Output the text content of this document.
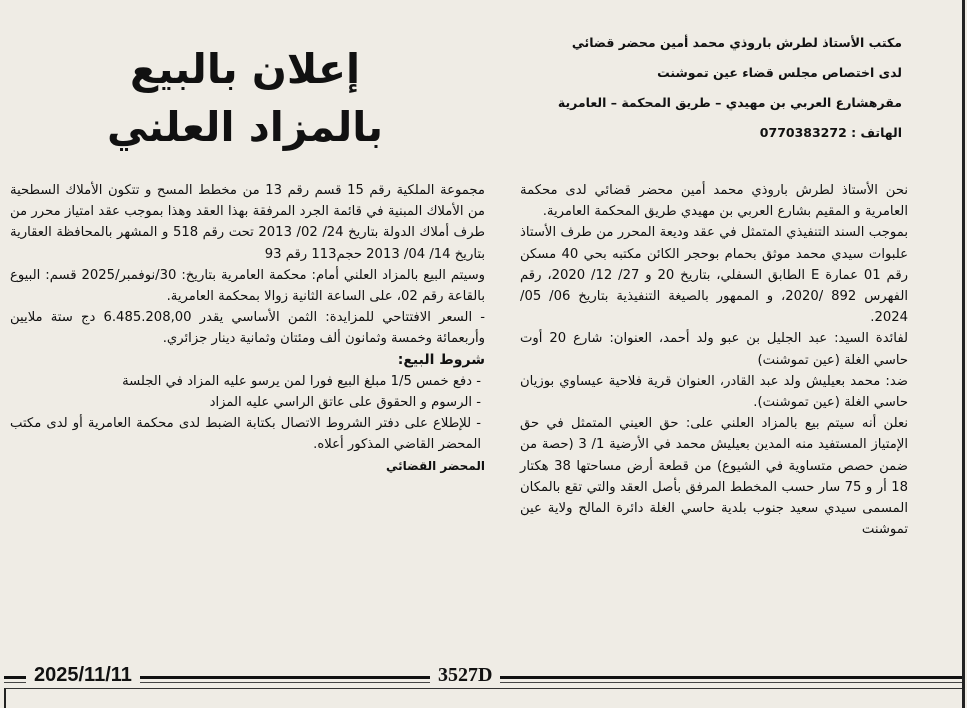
مكتب الأستاذ لطرش باروذي محمد أمين محضر قضائي
لدى اختصاص مجلس قضاء عين تموشنت
مقرهشارع العربي بن مهيدي – طريق المحكمة – العامرية
الهاتف : 0770383272
إعلان بالبيع
بالمزاد العلني

نحن الأستاذ لطرش باروذي محمد أمين محضر قضائي لدى محكمة العامرية و المقيم بشارع العربي بن مهيدي طريق المحكمة العامرية.

بموجب السند التنفيذي المتمثل في عقد وديعة المحرر من طرف الأستاذ علبوات سيدي محمد موثق بحمام بوحجر الكائن مكتبه بحي 40 مسكن رقم 01 عمارة E الطابق السفلي، بتاريخ 20 و 27/ 12/ 2020، رقم الفهرس 892 /2020، و الممهور بالصيغة التنفيذية بتاريخ 06/ 05/ 2024.

لفائدة السيد: عبد الجليل بن عبو ولد أحمد، العنوان: شارع 20 أوت حاسي الغلة (عين تموشنت)

ضد: محمد بعيليش ولد عبد القادر، العنوان قرية فلاحية عيساوي بوزيان حاسي الغلة (عين تموشنت).

نعلن أنه سيتم بيع بالمزاد العلني على: حق العيني المتمثل في حق الإمتياز المستفيد منه المدين بعيليش محمد في الأرضية 1/ 3 (حصة من ضمن حصص متساوية في الشيوع) من قطعة أرض مساحتها 38 هكتار 18 أر و 75 سار حسب المخطط المرفق بأصل العقد والتي تقع بالمكان المسمى سيدي سعيد جنوب بلدية حاسي الغلة دائرة المالح ولاية عين تموشنت

مجموعة الملكية رقم 15 قسم رقم 13 من مخطط المسح و تتكون الأملاك السطحية من الأملاك المبنية في قائمة الجرد المرفقة بهذا العقد وهذا بموجب عقد امتياز محرر من طرف أملاك الدولة بتاريخ 24/ 02/ 2013 تحت رقم 518 و المشهر بالمحافظة العقارية بتاريخ 14/ 04/ 2013 حجم113 رقم 93

وسيتم البيع بالمزاد العلني أمام: محكمة العامرية بتاريخ: 30/نوفمبر/2025 قسم: البيوع بالقاعة رقم 02، على الساعة الثانية زوالا بمحكمة العامرية.

- السعر الافتتاحي للمزايدة: الثمن الأساسي يقدر 6.485.208,00 دج ستة ملايين وأربعمائة وخمسة وثمانون ألف ومئتان وثمانية دينار جزائري.

شروط البيع:

- دفع خمس 1/5 مبلغ البيع فورا لمن يرسو عليه المزاد في الجلسة

- الرسوم و الحقوق على عاتق الراسي عليه المزاد

- للإطلاع على دفتر الشروط الاتصال بكتابة الضبط لدى محكمة العامرية أو لدى مكتب المحضر القاضي المذكور أعلاه.

المحضر القضائي

2025/11/11	3527D
